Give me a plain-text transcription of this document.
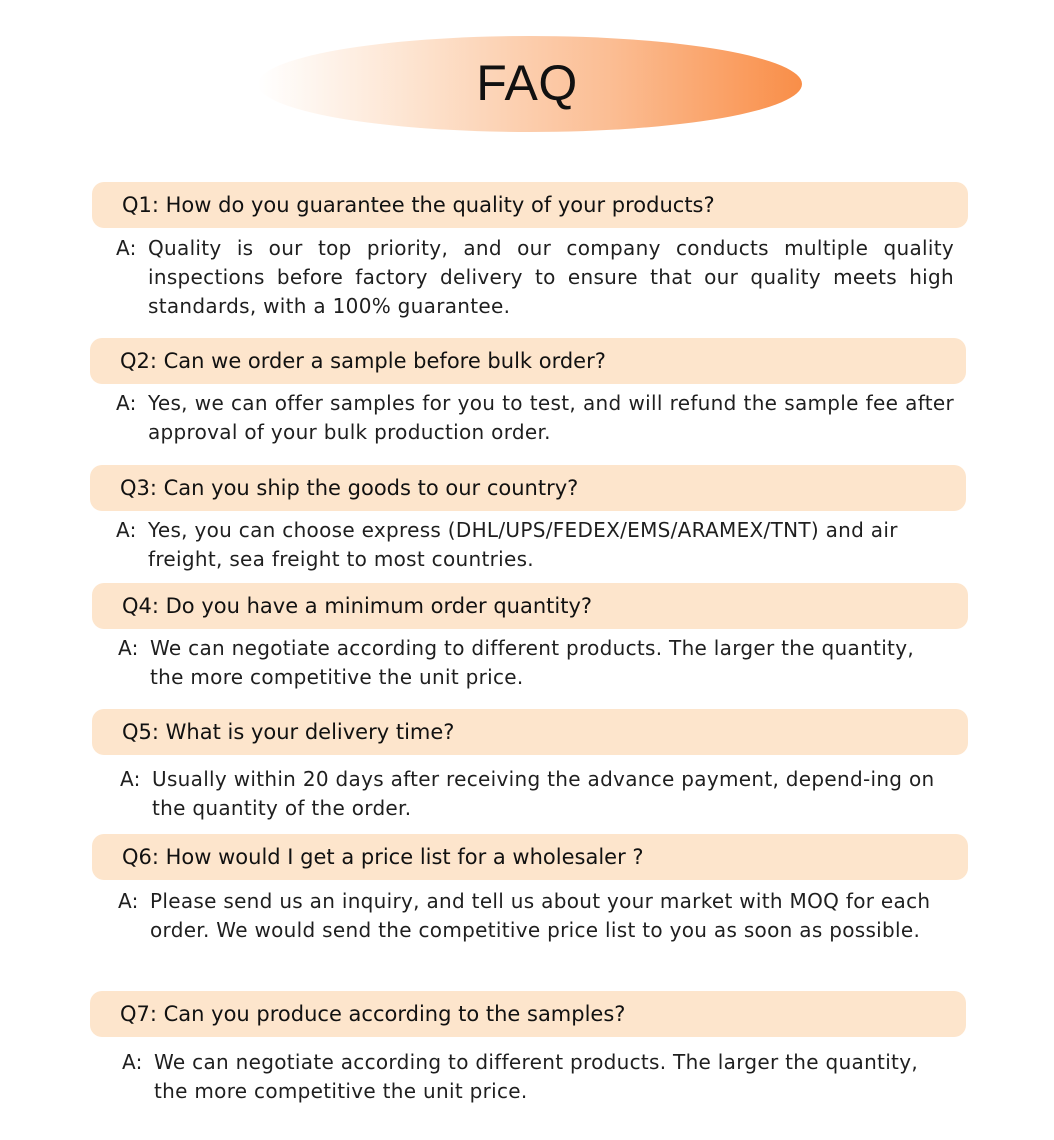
FAQ
Q1: How do you guarantee the quality of your products?
A: Quality is our top priority, and our company conducts multiple quality inspections before factory delivery to ensure that our quality meets high standards, with a 100% guarantee.
Q2: Can we order a sample before bulk order?
A: Yes, we can offer samples for you to test, and will refund the sample fee after approval of your bulk production order.
Q3: Can you ship the goods to our country?
A: Yes, you can choose express (DHL/UPS/FEDEX/EMS/ARAMEX/TNT) and air freight, sea freight to most countries.
Q4: Do you have a minimum order quantity?
A: We can negotiate according to different products. The larger the quantity, the more competitive the unit price.
Q5: What is your delivery time?
A: Usually within 20 days after receiving the advance payment, depend-ing on the quantity of the order.
Q6: How would I get a price list for a wholesaler ?
A: Please send us an inquiry, and tell us about your market with MOQ for each order. We would send the competitive price list to you as soon as possible.
Q7: Can you produce according to the samples?
A: We can negotiate according to different products. The larger the quantity, the more competitive the unit price.
